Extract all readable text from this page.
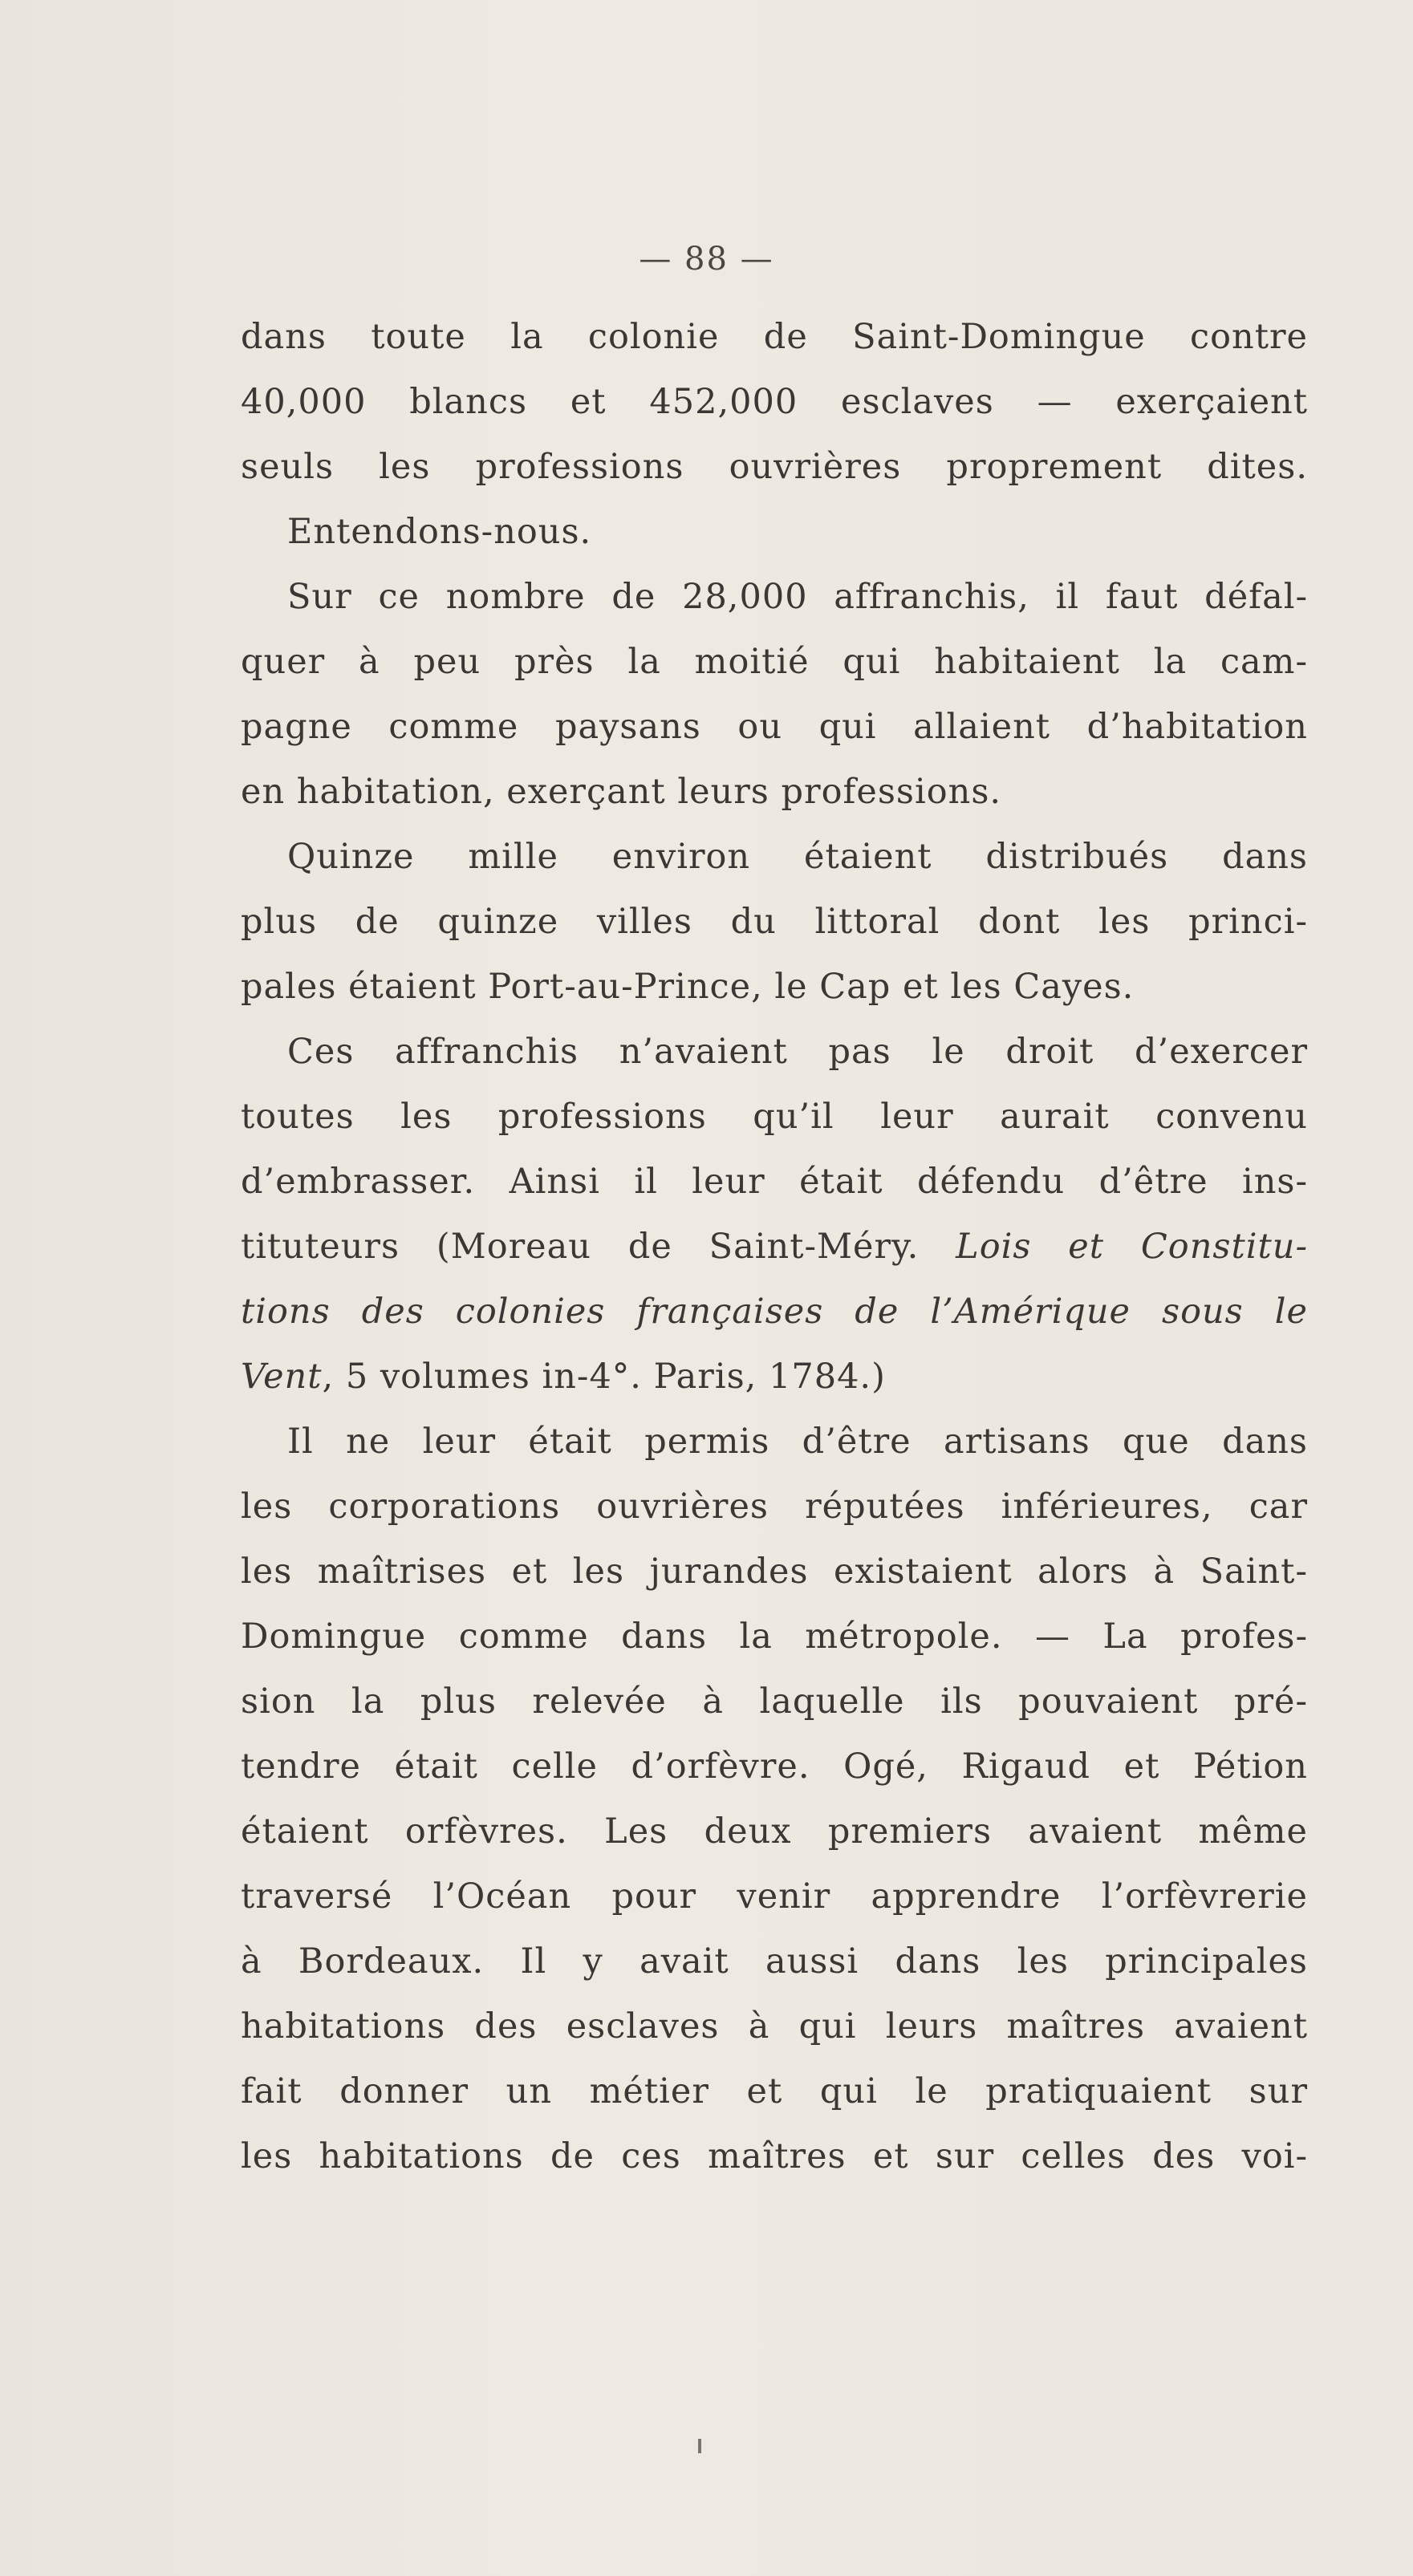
— 88 —
dans toute la colonie de Saint-Domingue contre
40,000 blancs et 452,000 esclaves — exerçaient
seuls les professions ouvrières proprement dites.
Entendons-nous.
Sur ce nombre de 28,000 affranchis, il faut défal-
quer à peu près la moitié qui habitaient la cam-
pagne comme paysans ou qui allaient d’habitation
en habitation, exerçant leurs professions.
Quinze mille environ étaient distribués dans
plus de quinze villes du littoral dont les princi-
pales étaient Port-au-Prince, le Cap et les Cayes.
Ces affranchis n’avaient pas le droit d’exercer
toutes les professions qu’il leur aurait convenu
d’embrasser. Ainsi il leur était défendu d’être ins-
tituteurs (Moreau de Saint-Méry. Lois et Constitu-
tions des colonies françaises de l’Amérique sous le
Vent, 5 volumes in-4°. Paris, 1784.)
Il ne leur était permis d’être artisans que dans
les corporations ouvrières réputées inférieures, car
les maîtrises et les jurandes existaient alors à Saint-
Domingue comme dans la métropole. — La profes-
sion la plus relevée à laquelle ils pouvaient pré-
tendre était celle d’orfèvre. Ogé, Rigaud et Pétion
étaient orfèvres. Les deux premiers avaient même
traversé l’Océan pour venir apprendre l’orfèvrerie
à Bordeaux. Il y avait aussi dans les principales
habitations des esclaves à qui leurs maîtres avaient
fait donner un métier et qui le pratiquaient sur
les habitations de ces maîtres et sur celles des voi-
